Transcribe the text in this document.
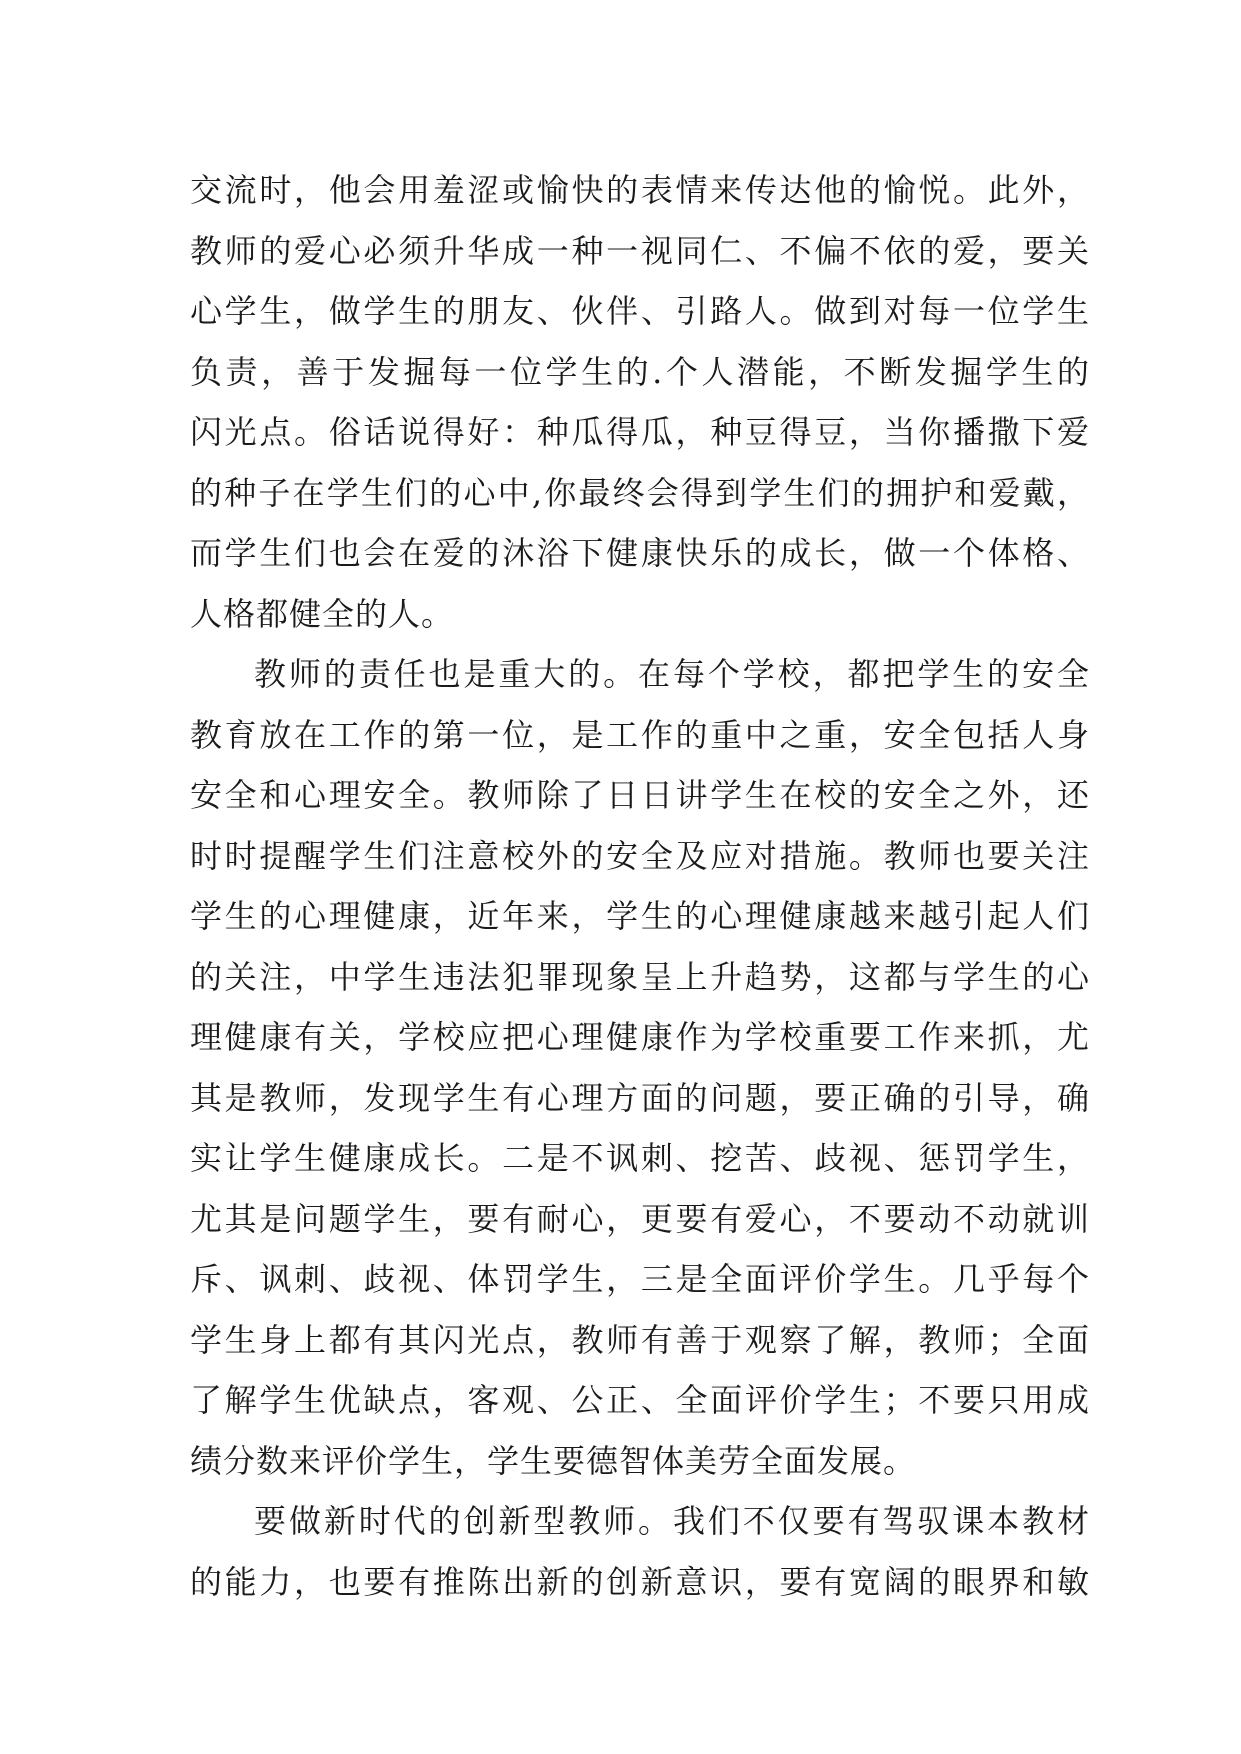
交流时，他会用羞涩或愉快的表情来传达他的愉悦。此外，
教师的爱心必须升华成一种一视同仁、不偏不依的爱，要关
心学生，做学生的朋友、伙伴、引路人。做到对每一位学生
负责，善于发掘每一位学生的.个人潜能，不断发掘学生的
闪光点。俗话说得好：种瓜得瓜，种豆得豆，当你播撒下爱
的种子在学生们的心中,你最终会得到学生们的拥护和爱戴，
而学生们也会在爱的沐浴下健康快乐的成长，做一个体格、
人格都健全的人。
教师的责任也是重大的。在每个学校，都把学生的安全
教育放在工作的第一位，是工作的重中之重，安全包括人身
安全和心理安全。教师除了日日讲学生在校的安全之外，还
时时提醒学生们注意校外的安全及应对措施。教师也要关注
学生的心理健康，近年来，学生的心理健康越来越引起人们
的关注，中学生违法犯罪现象呈上升趋势，这都与学生的心
理健康有关，学校应把心理健康作为学校重要工作来抓，尤
其是教师，发现学生有心理方面的问题，要正确的引导，确
实让学生健康成长。二是不讽刺、挖苦、歧视、惩罚学生，
尤其是问题学生，要有耐心，更要有爱心，不要动不动就训
斥、讽刺、歧视、体罚学生，三是全面评价学生。几乎每个
学生身上都有其闪光点，教师有善于观察了解，教师；全面
了解学生优缺点，客观、公正、全面评价学生；不要只用成
绩分数来评价学生，学生要德智体美劳全面发展。
要做新时代的创新型教师。我们不仅要有驾驭课本教材
的能力，也要有推陈出新的创新意识，要有宽阔的眼界和敏
